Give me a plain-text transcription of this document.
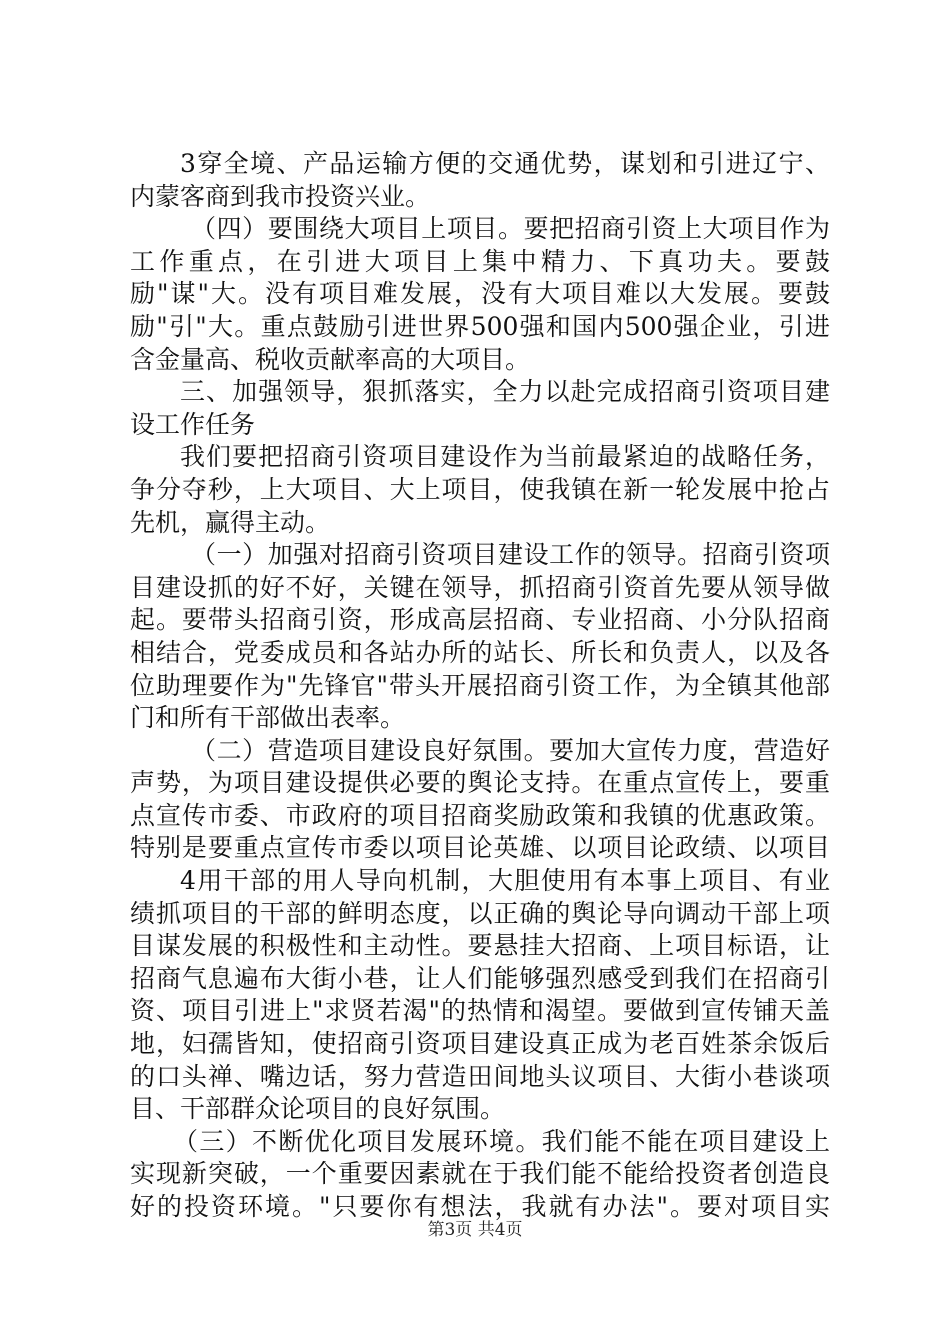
3穿全境、产品运输方便的交通优势，谋划和引进辽宁、
内蒙客商到我市投资兴业。
（四）要围绕大项目上项目。要把招商引资上大项目作为
工作重点，在引进大项目上集中精力、下真功夫。要鼓
励"谋"大。没有项目难发展，没有大项目难以大发展。要鼓
励"引"大。重点鼓励引进世界500强和国内500强企业，引进
含金量高、税收贡献率高的大项目。
三、加强领导，狠抓落实，全力以赴完成招商引资项目建
设工作任务
我们要把招商引资项目建设作为当前最紧迫的战略任务，
争分夺秒，上大项目、大上项目，使我镇在新一轮发展中抢占
先机，赢得主动。
（一）加强对招商引资项目建设工作的领导。招商引资项
目建设抓的好不好，关键在领导，抓招商引资首先要从领导做
起。要带头招商引资，形成高层招商、专业招商、小分队招商
相结合，党委成员和各站办所的站长、所长和负责人，以及各
位助理要作为"先锋官"带头开展招商引资工作，为全镇其他部
门和所有干部做出表率。
（二）营造项目建设良好氛围。要加大宣传力度，营造好
声势，为项目建设提供必要的舆论支持。在重点宣传上，要重
点宣传市委、市政府的项目招商奖励政策和我镇的优惠政策。
特别是要重点宣传市委以项目论英雄、以项目论政绩、以项目
4用干部的用人导向机制，大胆使用有本事上项目、有业
绩抓项目的干部的鲜明态度，以正确的舆论导向调动干部上项
目谋发展的积极性和主动性。要悬挂大招商、上项目标语，让
招商气息遍布大街小巷，让人们能够强烈感受到我们在招商引
资、项目引进上"求贤若渴"的热情和渴望。要做到宣传铺天盖
地，妇孺皆知，使招商引资项目建设真正成为老百姓茶余饭后
的口头禅、嘴边话，努力营造田间地头议项目、大街小巷谈项
目、干部群众论项目的良好氛围。
（三）不断优化项目发展环境。我们能不能在项目建设上
实现新突破，一个重要因素就在于我们能不能给投资者创造良
好的投资环境。"只要你有想法，我就有办法"。要对项目实
第3页 共4页
